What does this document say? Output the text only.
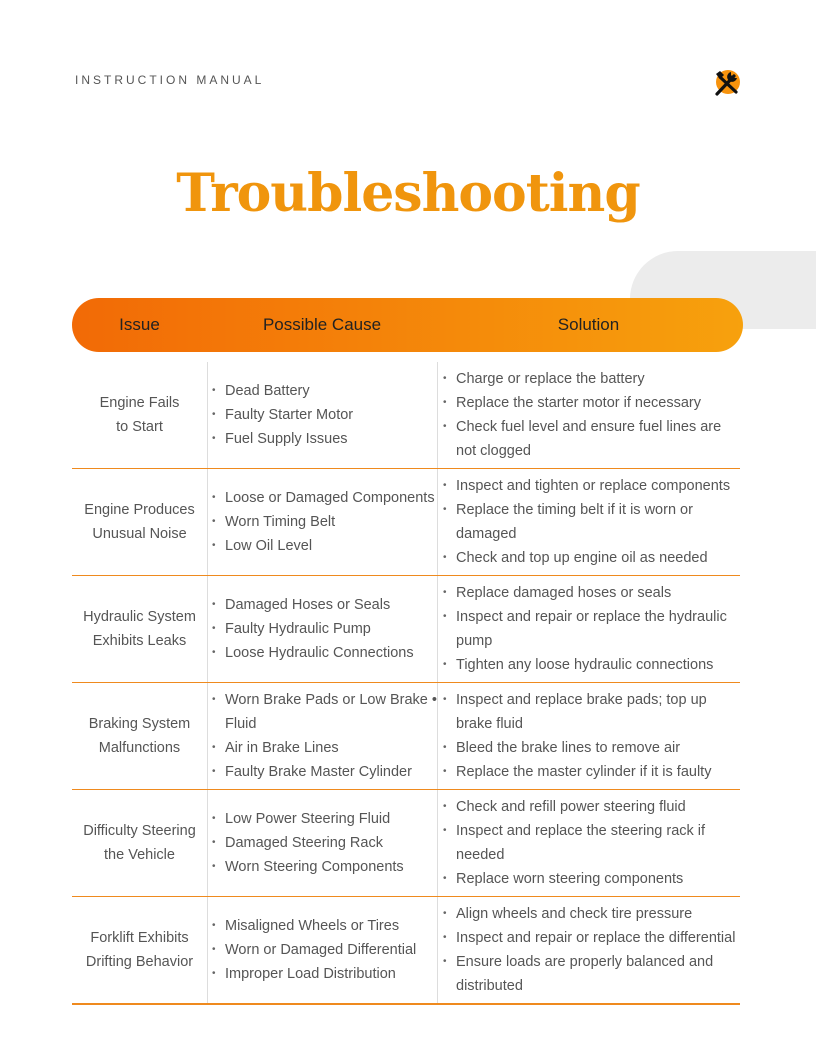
INSTRUCTION MANUAL
Troubleshooting
Issue	Possible Cause	Solution
Engine Fails
to Start
• Dead Battery
• Faulty Starter Motor
• Fuel Supply Issues
• Charge or replace the battery
• Replace the starter motor if necessary
• Check fuel level and ensure fuel lines are not clogged
Engine Produces
Unusual Noise
• Loose or Damaged Components
• Worn Timing Belt
• Low Oil Level
• Inspect and tighten or replace components
• Replace the timing belt if it is worn or damaged
• Check and top up engine oil as needed
Hydraulic System
Exhibits Leaks
• Damaged Hoses or Seals
• Faulty Hydraulic Pump
• Loose Hydraulic Connections
• Replace damaged hoses or seals
• Inspect and repair or replace the hydraulic pump
• Tighten any loose hydraulic connections
Braking System
Malfunctions
• Worn Brake Pads or Low Brake • Fluid
• Air in Brake Lines
• Faulty Brake Master Cylinder
• Inspect and replace brake pads; top up brake fluid
• Bleed the brake lines to remove air
• Replace the master cylinder if it is faulty
Difficulty Steering
the Vehicle
• Low Power Steering Fluid
• Damaged Steering Rack
• Worn Steering Components
• Check and refill power steering fluid
• Inspect and replace the steering rack if needed
• Replace worn steering components
Forklift Exhibits
Drifting Behavior
• Misaligned Wheels or Tires
• Worn or Damaged Differential
• Improper Load Distribution
• Align wheels and check tire pressure
• Inspect and repair or replace the differential
• Ensure loads are properly balanced and distributed
